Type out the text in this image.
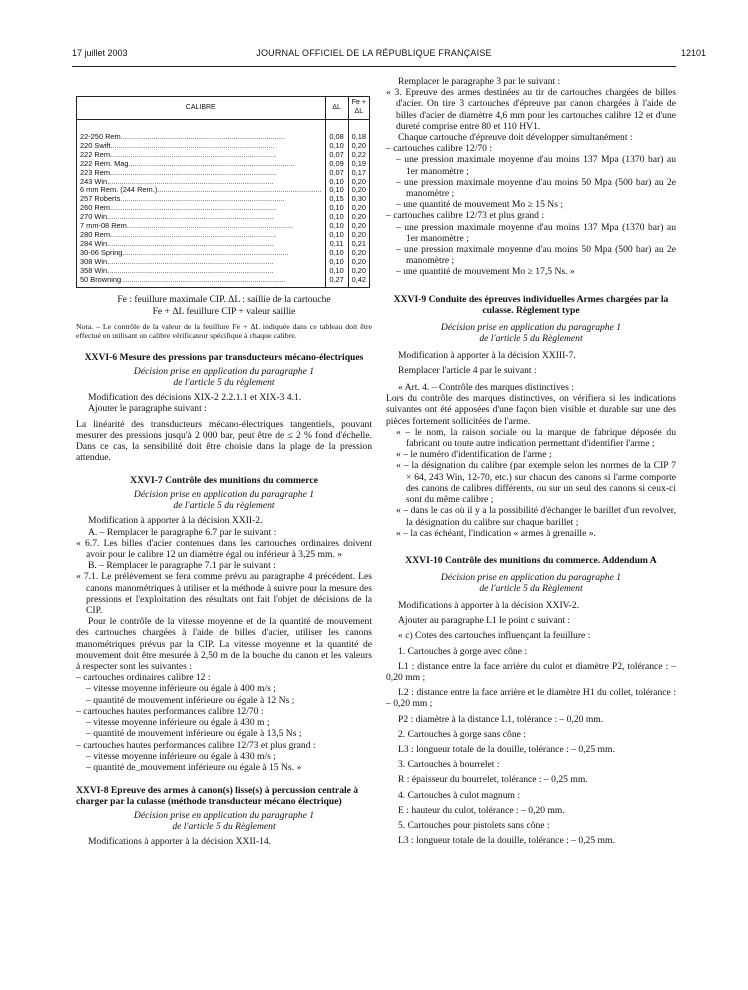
17 juillet 2003	JOURNAL OFFICIEL DE LA RÉPUBLIQUE FRANÇAISE	12101
CALIBRE	ΔL	Fe + ΔL

22-250 Rem................................................................................	0,08	0,18
220 Swift................................................................................	0,10	0,20
222 Rem.................................................................................	0,07	0,22
222 Rem. Mag.................................................................................	0,09	0,19
223 Rem.................................................................................	0,07	0,17
243 Win.................................................................................	0,10	0,20
6 mm Rem. (244 Rem.)................................................................................	0,10	0,20
257 Roberts................................................................................	0,15	0,30
260 Rem.................................................................................	0,10	0,20
270 Win.................................................................................	0,10	0,20
7 mm-08 Rem.................................................................................	0,10	0,20
280 Rem.................................................................................	0,10	0,20
284 Win.................................................................................	0,11	0,21
30-06 Spring.................................................................................	0,10	0,20
308 Win.................................................................................	0,10	0,20
358 Win.................................................................................	0,10	0,20
50 Browning................................................................................	0,27	0,42

Fe : feuillure maximale CIP. ΔL : saillie de la cartouche

Fe + ΔL feuillure CIP + valeur saillie

Nota. – Le contrôle de la valeur de la feuillure Fe + ΔL indiquée dans ce tableau doit être effectué en utilisant un calibre vérificateur spécifique à chaque calibre.

XXVI-6 Mesure des pressions par transducteurs mécano-électriques

Décision prise en application du paragraphe 1

de l'article 5 du règlement

Modification des décisions XIX-2 2.2.1.1 et XIX-3 4.1.

Ajouter le paragraphe suivant :

La linéarité des transducteurs mécano-électriques tangentiels, pouvant mesurer des pressions jusqu'à 2 000 bar, peut être de ≤ 2 % fond d'échelle. Dans ce cas, la sensibilité doit être choisie dans la plage de la pression attendue.

XXVI-7 Contrôle des munitions du commerce

Décision prise en application du paragraphe 1

de l'article 5 du règlement

Modification à apporter à la décision XXII-2.

A. – Remplacer le paragraphe 6.7 par le suivant :

« 6.7. Les billes d'acier contenues dans les cartouches ordinaires doivent avoir pour le calibre 12 un diamètre égal ou inférieur à 3,25 mm. »

B. – Remplacer le paragraphe 7.1 par le suivant :

« 7.1. Le prélèvement se fera comme prévu au paragraphe 4 précédent. Les canons manométriques à utiliser et la méthode à suivre pour la mesure des pressions et l'exploitation des résultats ont fait l'objet de décisions de la CIP.

Pour le contrôle de la vitesse moyenne et de la quantité de mouvement des cartouches chargées à l'aide de billes d'acier, utiliser les canons manométriques prévus par la CIP. La vitesse moyenne et la quantité de mouvement doit être mesurée à 2,50 m de la bouche du canon et les valeurs à respecter sont les suivantes :

– cartouches ordinaires calibre 12 :

– vitesse moyenne inférieure ou égale à 400 m/s ;

– quantité de mouvement inférieure ou égale à 12 Ns ;

– cartouches hautes performances calibre 12/70 :

– vitesse moyenne inférieure ou égale à 430 m ;

– quantité de mouvement inférieure ou égale à 13,5 Ns ;

– cartouches hautes performances calibre 12/73 et plus grand :

– vitesse moyenne inférieure ou égale à 430 m/s ;

– quantité de_mouvement inférieure ou égale à 15 Ns. »

XXVI-8 Epreuve des armes à canon(s) lisse(s) à percussion centrale à charger par la culasse (méthode transducteur mécano électrique)

Décision prise en application du paragraphe 1

de l'article 5 du Règlement

Modifications à apporter à la décision XXII-14.

Remplacer le paragraphe 3 par le suivant :

« 3. Epreuve des armes destinées au tir de cartouches chargées de billes d'acier. On tire 3 cartouches d'épreuve par canon chargées à l'aide de billes d'acier de diamètre 4,6 mm pour les cartouches calibre 12 et d'une dureté comprise entre 80 et 110 HV1.

Chaque cartouche d'épreuve doit développer simultanément :

– cartouches calibre 12/70 :

– une pression maximale moyenne d'au moins 137 Mpa (1370 bar) au 1er manomètre ;

– une pression maximale moyenne d'au moins 50 Mpa (500 bar) au 2e manomètre ;

– une quantité de mouvement Mo ≥ 15 Ns ;

– cartouches calibre 12/73 et plus grand :

– une pression maximale moyenne d'au moins 137 Mpa (1370 bar) au 1er manomètre ;

– une pression maximale moyenne d'au moins 50 Mpa (500 bar) au 2e manomètre ;

– une quantité de mouvement Mo ≥ 17,5 Ns. »

XXVI-9 Conduite des épreuves individuelles Armes chargées par la culasse. Règlement type

Décision prise en application du paragraphe 1

de l'article 5 du Règlement

Modification à apporter à la décision XXIII-7.

Remplacer l'article 4 par le suivant :

« Art. 4. – Contrôle des marques distinctives :

Lors du contrôle des marques distinctives, on vérifiera si les indications suivantes ont été apposées d'une façon bien visible et durable sur une des pièces fortement sollicitées de l'arme.

« – le nom, la raison sociale ou la marque de fabrique déposée du fabricant ou toute autre indication permettant d'identifier l'arme ;

« – le numéro d'identification de l'arme ;

« – la désignation du calibre (par exemple selon les normes de la CIP 7 × 64, 243 Win, 12-70, etc.) sur chacun des canons si l'arme comporte des canons de calibres différents, ou sur un seul des canons si ceux-ci sont du même calibre ;

« – dans le cas où il y a la possibilité d'échanger le barillet d'un revolver, la désignation du calibre sur chaque barillet ;

« – la cas échéant, l'indication « armes à grenaille ».

XXVI-10 Contrôle des munitions du commerce. Addendum A

Décision prise en application du paragraphe 1

de l'article 5 du Règlement

Modifications à apporter à la décision XXIV-2.

Ajouter au paragraphe L1 le point c suivant :

« c) Cotes des cartouches influençant la feuillure :

1. Cartouches à gorge avec cône :

L1 : distance entre la face arrière du culot et diamètre P2, tolérance : – 0,20 mm ;

L2 : distance entre la face arrière et le diamètre H1 du collet, tolérance : – 0,20 mm ;

P2 : diamètre à la distance L1, tolérance : – 0,20 mm.

2. Cartouches à gorge sans cône :

L3 : longueur totale de la douille, tolérance : – 0,25 mm.

3. Cartouches à bourrelet :

R : épaisseur du bourrelet, tolérance : – 0,25 mm.

4. Cartouches à culot magnum :

E : hauteur du culot, tolérance : – 0,20 mm.

5. Cartouches pour pistolets sans cône :

L3 : longueur totale de la douille, tolérance : – 0,25 mm.
